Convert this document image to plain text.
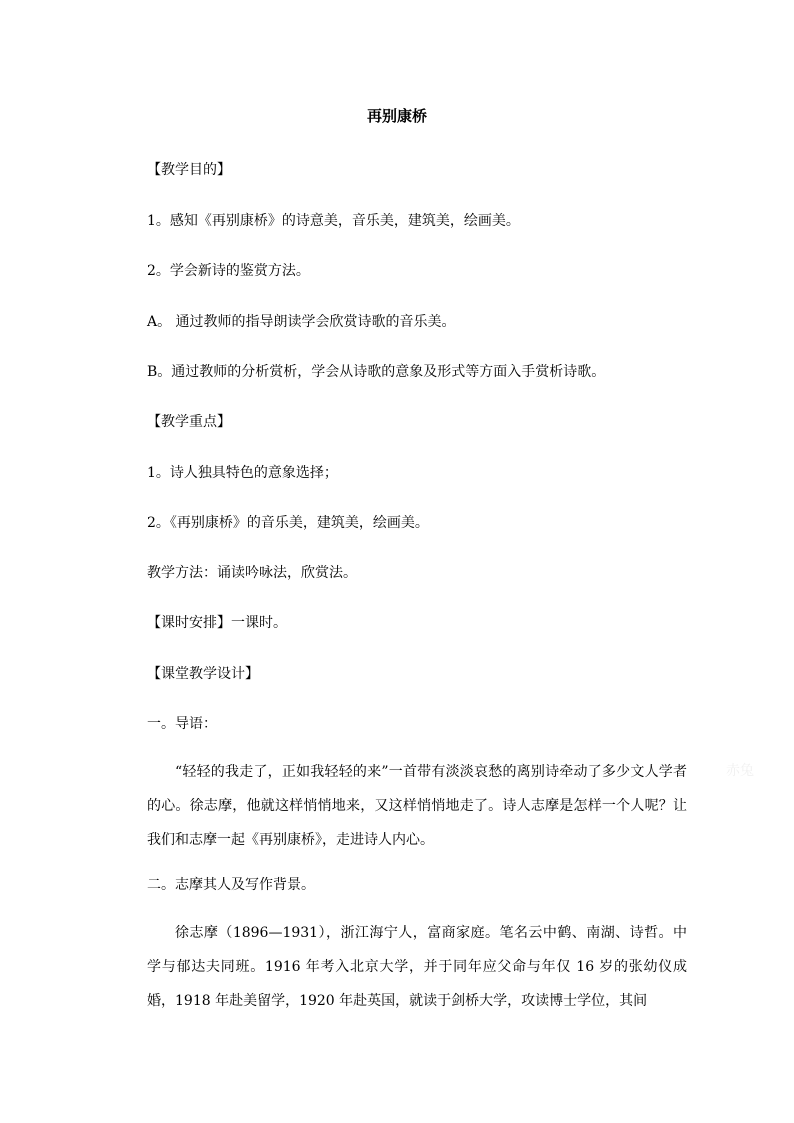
再别康桥
【教学目的】
1。感知《再别康桥》的诗意美，音乐美，建筑美，绘画美。
2。学会新诗的鉴赏方法。
A。 通过教师的指导朗读学会欣赏诗歌的音乐美。
B。通过教师的分析赏析，学会从诗歌的意象及形式等方面入手赏析诗歌。
【教学重点】
1。诗人独具特色的意象选择；
2。《再别康桥》的音乐美，建筑美，绘画美。
教学方法：诵读吟咏法，欣赏法。
【课时安排】一课时。
【课堂教学设计】
一。导语：
“轻轻的我走了，正如我轻轻的来”一首带有淡淡哀愁的离别诗牵动了多少文人学者的心。徐志摩，他就这样悄悄地来，又这样悄悄地走了。诗人志摩是怎样一个人呢？让我们和志摩一起《再别康桥》，走进诗人内心。
二。志摩其人及写作背景。
徐志摩（1896—1931），浙江海宁人，富商家庭。笔名云中鹤、南湖、诗哲。中学与郁达夫同班。1916 年考入北京大学，并于同年应父命与年仅 16 岁的张幼仪成婚，1918 年赴美留学，1920 年赴英国，就读于剑桥大学，攻读博士学位，其间
赤兔
